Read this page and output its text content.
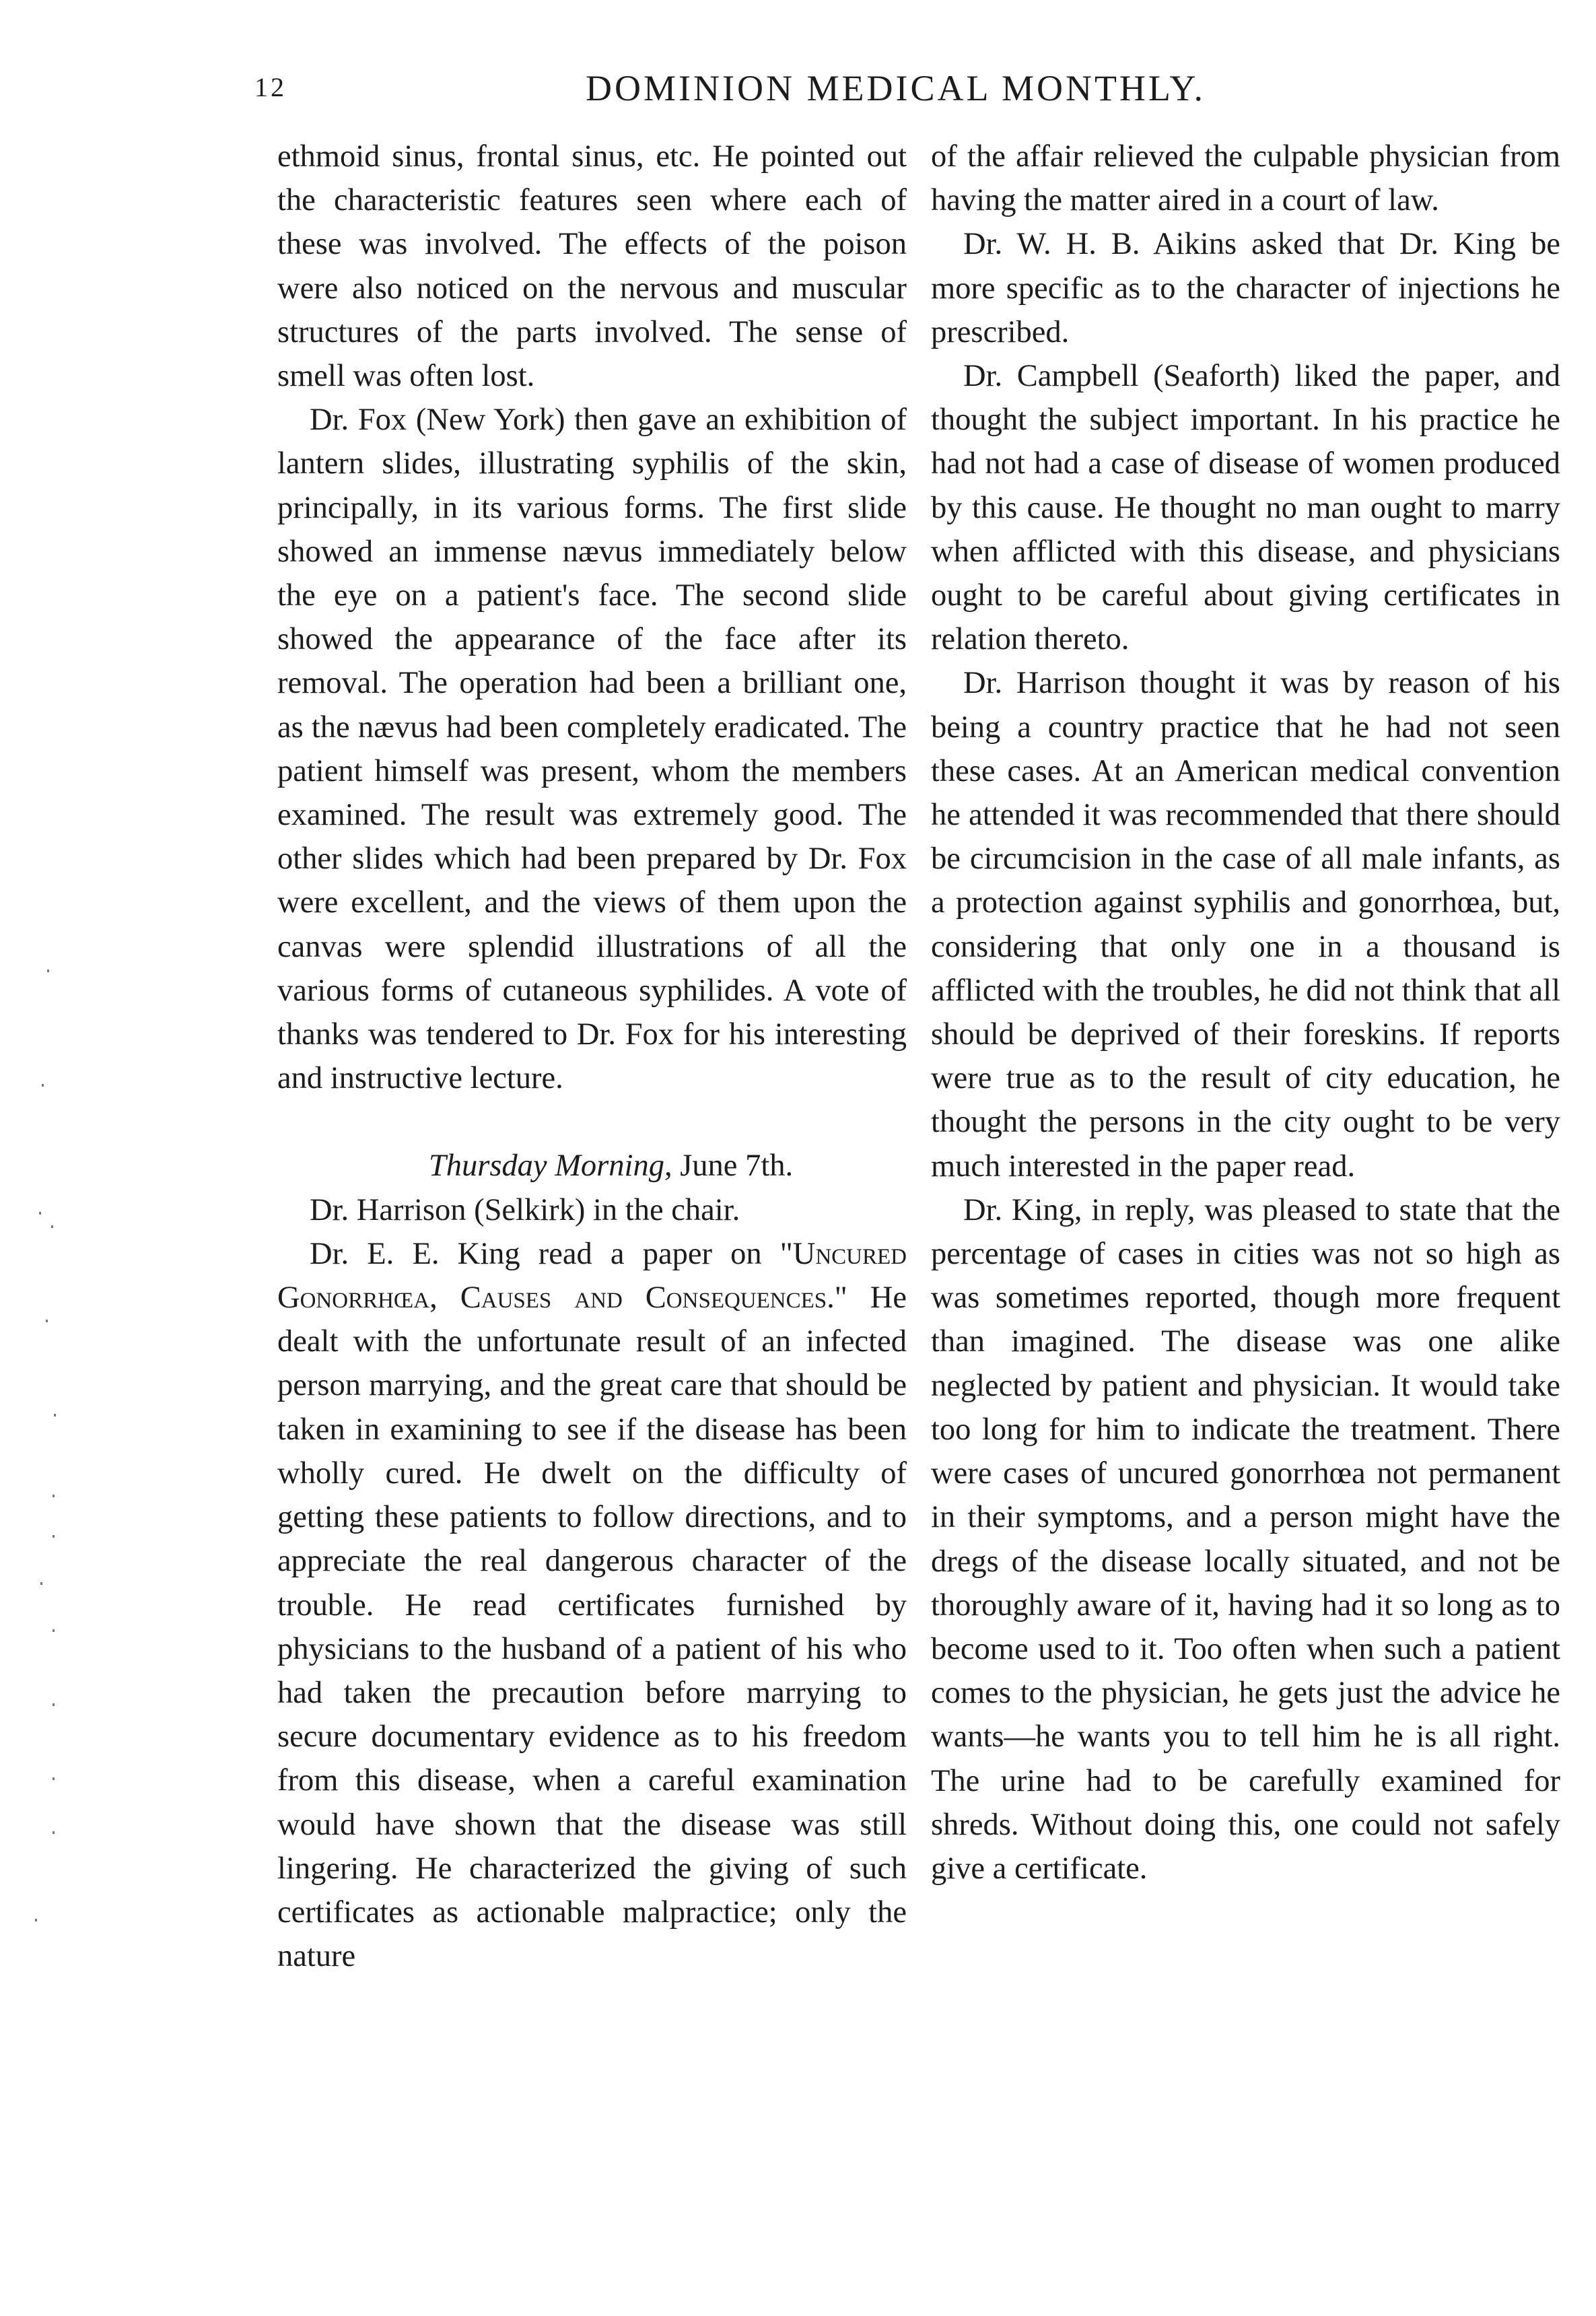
12	DOMINION MEDICAL MONTHLY.

ethmoid sinus, frontal sinus, etc. He pointed out the characteristic features seen where each of these was involved. The effects of the poison were also noticed on the nervous and muscular structures of the parts involved. The sense of smell was often lost.

Dr. Fox (New York) then gave an exhibition of lantern slides, illustrating syphilis of the skin, principally, in its various forms. The first slide showed an immense nævus immediately below the eye on a patient's face. The second slide showed the appearance of the face after its removal. The operation had been a brilliant one, as the nævus had been completely eradicated. The patient himself was present, whom the members examined. The result was extremely good. The other slides which had been prepared by Dr. Fox were excellent, and the views of them upon the canvas were splendid illustrations of all the various forms of cutaneous syphilides. A vote of thanks was tendered to Dr. Fox for his interesting and instructive lecture.

Thursday Morning, June 7th.

Dr. Harrison (Selkirk) in the chair.

Dr. E. E. King read a paper on "Uncured Gonorrhœa, Causes and Consequences." He dealt with the unfortunate result of an infected person marrying, and the great care that should be taken in examining to see if the disease has been wholly cured. He dwelt on the difficulty of getting these patients to follow directions, and to appreciate the real dangerous character of the trouble. He read certificates furnished by physicians to the husband of a patient of his who had taken the precaution before marrying to secure documentary evidence as to his freedom from this disease, when a careful examination would have shown that the disease was still lingering. He characterized the giving of such certificates as actionable malpractice; only the nature

of the affair relieved the culpable physician from having the matter aired in a court of law.

Dr. W. H. B. Aikins asked that Dr. King be more specific as to the character of injections he prescribed.

Dr. Campbell (Seaforth) liked the paper, and thought the subject important. In his practice he had not had a case of disease of women produced by this cause. He thought no man ought to marry when afflicted with this disease, and physicians ought to be careful about giving certificates in relation thereto.

Dr. Harrison thought it was by reason of his being a country practice that he had not seen these cases. At an American medical convention he attended it was recommended that there should be circumcision in the case of all male infants, as a protection against syphilis and gonorrhœa, but, considering that only one in a thousand is afflicted with the troubles, he did not think that all should be deprived of their foreskins. If reports were true as to the result of city education, he thought the persons in the city ought to be very much interested in the paper read.

Dr. King, in reply, was pleased to state that the percentage of cases in cities was not so high as was sometimes reported, though more frequent than imagined. The disease was one alike neglected by patient and physician. It would take too long for him to indicate the treatment. There were cases of uncured gonorrhœa not permanent in their symptoms, and a person might have the dregs of the disease locally situated, and not be thoroughly aware of it, having had it so long as to become used to it. Too often when such a patient comes to the physician, he gets just the advice he wants—he wants you to tell him he is all right. The urine had to be carefully examined for shreds. Without doing this, one could not safely give a certificate.
